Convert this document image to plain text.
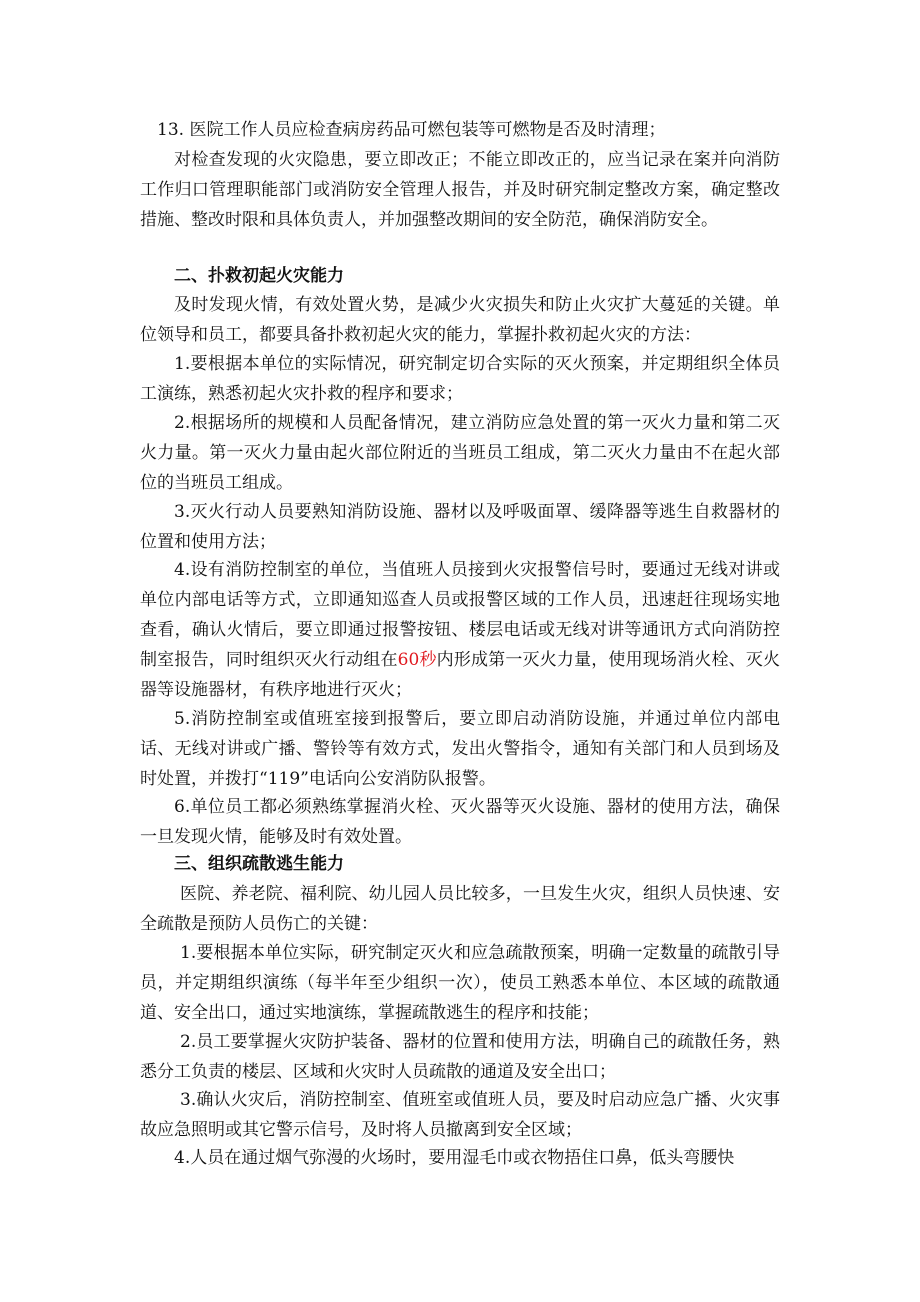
13. 医院工作人员应检查病房药品可燃包装等可燃物是否及时清理；

对检查发现的火灾隐患，要立即改正；不能立即改正的，应当记录在案并向消防工作归口管理职能部门或消防安全管理人报告，并及时研究制定整改方案，确定整改措施、整改时限和具体负责人，并加强整改期间的安全防范，确保消防安全。

二、扑救初起火灾能力

及时发现火情，有效处置火势，是减少火灾损失和防止火灾扩大蔓延的关键。单位领导和员工，都要具备扑救初起火灾的能力，掌握扑救初起火灾的方法：

1.要根据本单位的实际情况，研究制定切合实际的灭火预案，并定期组织全体员工演练，熟悉初起火灾扑救的程序和要求；

2.根据场所的规模和人员配备情况，建立消防应急处置的第一灭火力量和第二灭火力量。第一灭火力量由起火部位附近的当班员工组成，第二灭火力量由不在起火部位的当班员工组成。

3.灭火行动人员要熟知消防设施、器材以及呼吸面罩、缓降器等逃生自救器材的位置和使用方法；

4.设有消防控制室的单位，当值班人员接到火灾报警信号时，要通过无线对讲或单位内部电话等方式，立即通知巡查人员或报警区域的工作人员，迅速赶往现场实地查看，确认火情后，要立即通过报警按钮、楼层电话或无线对讲等通讯方式向消防控制室报告，同时组织灭火行动组在60秒内形成第一灭火力量，使用现场消火栓、灭火器等设施器材，有秩序地进行灭火；

5.消防控制室或值班室接到报警后，要立即启动消防设施，并通过单位内部电话、无线对讲或广播、警铃等有效方式，发出火警指令，通知有关部门和人员到场及时处置，并拨打“119”电话向公安消防队报警。

6.单位员工都必须熟练掌握消火栓、灭火器等灭火设施、器材的使用方法，确保一旦发现火情，能够及时有效处置。

三、组织疏散逃生能力

医院、养老院、福利院、幼儿园人员比较多，一旦发生火灾，组织人员快速、安全疏散是预防人员伤亡的关键：

1.要根据本单位实际，研究制定灭火和应急疏散预案，明确一定数量的疏散引导员，并定期组织演练（每半年至少组织一次），使员工熟悉本单位、本区域的疏散通道、安全出口，通过实地演练，掌握疏散逃生的程序和技能；

2.员工要掌握火灾防护装备、器材的位置和使用方法，明确自己的疏散任务，熟悉分工负责的楼层、区域和火灾时人员疏散的通道及安全出口；

3.确认火灾后，消防控制室、值班室或值班人员，要及时启动应急广播、火灾事故应急照明或其它警示信号，及时将人员撤离到安全区域；

4.人员在通过烟气弥漫的火场时，要用湿毛巾或衣物捂住口鼻，低头弯腰快
